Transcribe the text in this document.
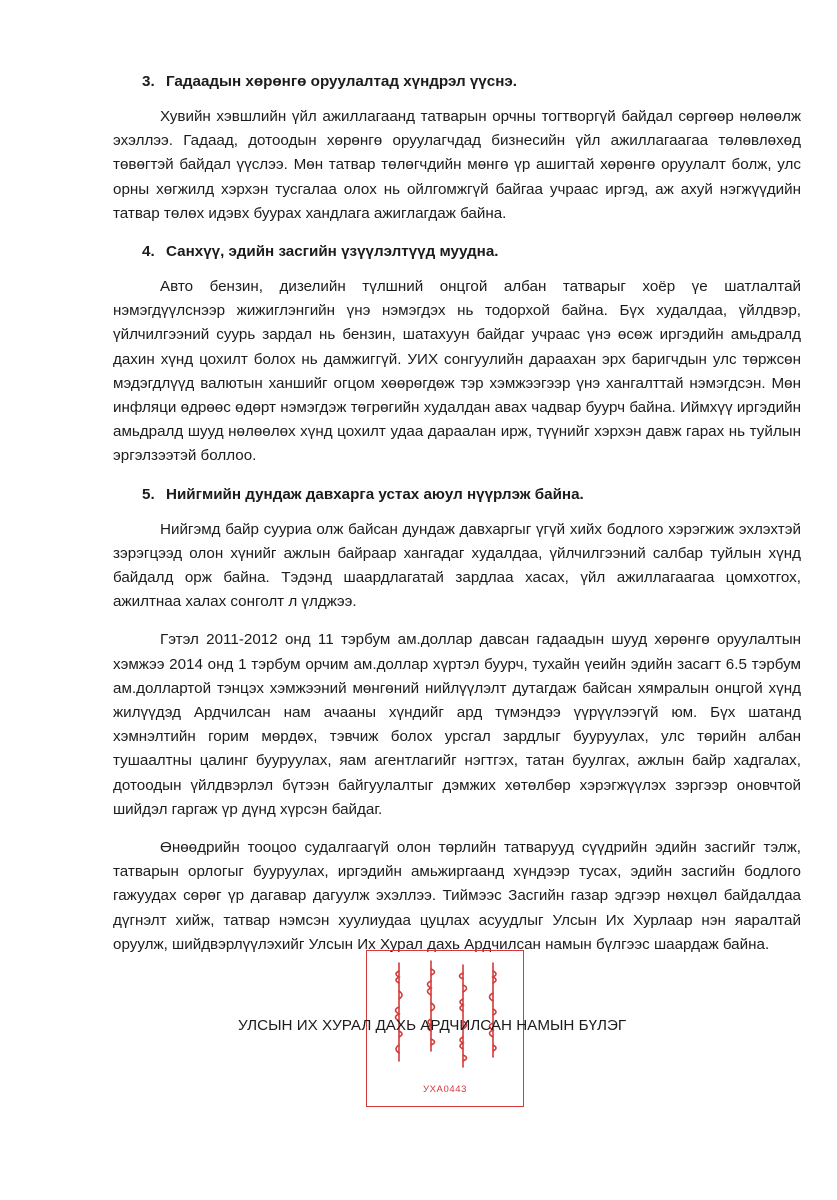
3. Гадаадын хөрөнгө оруулалтад хүндрэл үүснэ.

Хувийн хэвшлийн үйл ажиллагаанд татварын орчны тогтворгүй байдал сөргөөр нөлөөлж эхэллээ. Гадаад, дотоодын хөрөнгө оруулагчдад бизнесийн үйл ажиллагаагаа төлөвлөхөд төвөгтэй байдал үүслээ. Мөн татвар төлөгчдийн мөнгө үр ашигтай хөрөнгө оруулалт болж, улс орны хөгжилд хэрхэн тусгалаа олох нь ойлгомжгүй байгаа учраас иргэд, аж ахуй нэгжүүдийн татвар төлөх идэвх буурах хандлага ажиглагдаж байна.

4. Санхүү, эдийн засгийн үзүүлэлтүүд муудна.

Авто бензин, дизелийн түлшний онцгой албан татварыг хоёр үе шатлалтай нэмэгдүүлснээр жижиглэнгийн үнэ нэмэгдэх нь тодорхой байна. Бүх худалдаа, үйлдвэр, үйлчилгээний суурь зардал нь бензин, шатахуун байдаг учраас үнэ өсөж иргэдийн амьдралд дахин хүнд цохилт болох нь дамжиггүй. УИХ сонгуулийн дараахан эрх баригчдын улс төржсөн мэдэгдлүүд валютын ханшийг огцом хөөрөгдөж тэр хэмжээгээр үнэ хангалттай нэмэгдсэн. Мөн инфляци өдрөөс өдөрт нэмэгдэж төгрөгийн худалдан авах чадвар буурч байна. Иймхүү иргэдийн амьдралд шууд нөлөөлөх хүнд цохилт удаа дараалан ирж, түүнийг хэрхэн давж гарах нь туйлын эргэлзээтэй боллоо.

5. Нийгмийн дундаж давхарга устах аюул нүүрлэж байна.

Нийгэмд байр сууриа олж байсан дундаж давхаргыг үгүй хийх бодлого хэрэгжиж эхлэхтэй зэрэгцээд олон хүнийг ажлын байраар хангадаг худалдаа, үйлчилгээний салбар туйлын хүнд байдалд орж байна. Тэдэнд шаардлагатай зардлаа хасах, үйл ажиллагаагаа цомхотгох, ажилтнаа халах сонголт л үлджээ.

Гэтэл 2011-2012 онд 11 тэрбум ам.доллар давсан гадаадын шууд хөрөнгө оруулалтын хэмжээ 2014 онд 1 тэрбум орчим ам.доллар хүртэл буурч, тухайн үеийн эдийн засагт 6.5 тэрбум ам.доллартой тэнцэх хэмжээний мөнгөний нийлүүлэлт дутагдаж байсан хямралын онцгой хүнд жилүүдэд Ардчилсан нам ачааны хүндийг ард түмэндээ үүрүүлээгүй юм. Бүх шатанд хэмнэлтийн горим мөрдөх, тэвчиж болох урсгал зардлыг бууруулах, улс төрийн албан тушаалтны цалинг бууруулах, яам агентлагийг нэгтгэх, татан буулгах, ажлын байр хадгалах, дотоодын үйлдвэрлэл бүтээн байгуулалтыг дэмжих хөтөлбөр хэрэгжүүлэх зэргээр оновчтой шийдэл гаргаж үр дүнд хүрсэн байдаг.

Өнөөдрийн тооцоо судалгаагүй олон төрлийн татварууд сүүдрийн эдийн засгийг тэлж, татварын орлогыг бууруулах, иргэдийн амьжиргаанд хүндээр тусах, эдийн засгийн бодлого гажуудах сөрөг үр дагавар дагуулж эхэллээ. Тиймээс Засгийн газар эдгээр нөхцөл байдалдаа дүгнэлт хийж, татвар нэмсэн хуулиудаа цуцлах асуудлыг Улсын Их Хурлаар нэн яаралтай оруулж, шийдвэрлүүлэхийг Улсын Их Хурал дахь Ардчилсан намын бүлгээс шаардаж байна.

УХА0443
УЛСЫН ИХ ХУРАЛ ДАХЬ АРДЧИЛСАН НАМЫН БҮЛЭГ
